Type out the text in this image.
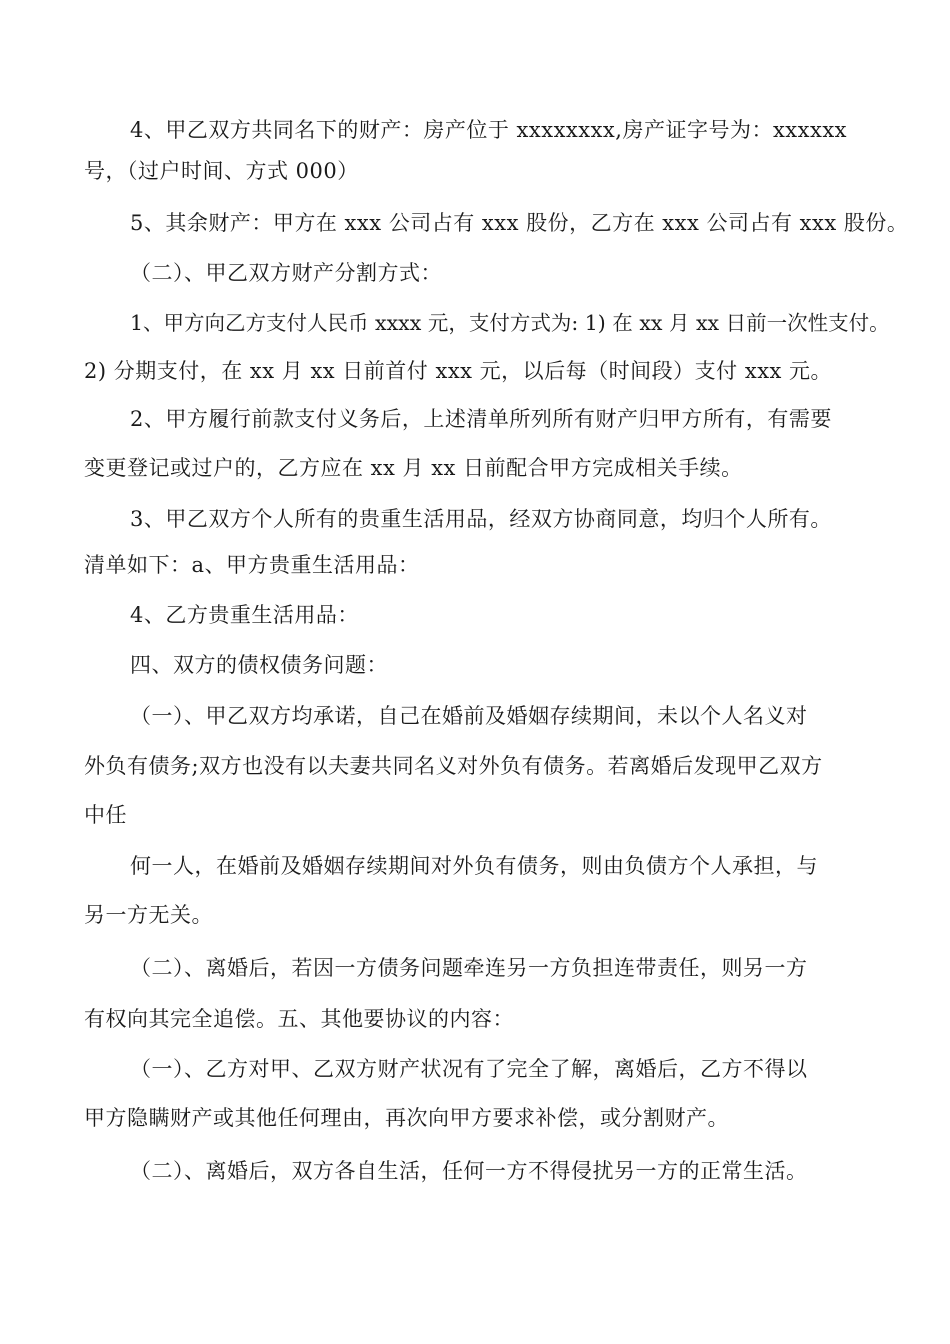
4、甲乙双方共同名下的财产：房产位于 xxxxxxxx,房产证字号为：xxxxxx
号，（过户时间、方式 000）
5、其余财产：甲方在 xxx 公司占有 xxx 股份，乙方在 xxx 公司占有 xxx 股份。
（二）、甲乙双方财产分割方式：
1、甲方向乙方支付人民币 xxxx 元，支付方式为: 1) 在 xx 月 xx 日前一次性支付。
2) 分期支付，在 xx 月 xx 日前首付 xxx 元，以后每（时间段）支付 xxx 元。
2、甲方履行前款支付义务后，上述清单所列所有财产归甲方所有，有需要
变更登记或过户的，乙方应在 xx 月 xx 日前配合甲方完成相关手续。
3、甲乙双方个人所有的贵重生活用品，经双方协商同意，均归个人所有。
清单如下：a、甲方贵重生活用品：
4、乙方贵重生活用品：
四、双方的债权债务问题：
（一）、甲乙双方均承诺，自己在婚前及婚姻存续期间，未以个人名义对
外负有债务;双方也没有以夫妻共同名义对外负有债务。若离婚后发现甲乙双方
中任
何一人，在婚前及婚姻存续期间对外负有债务，则由负债方个人承担，与
另一方无关。
（二）、离婚后，若因一方债务问题牵连另一方负担连带责任，则另一方
有权向其完全追偿。五、其他要协议的内容：
（一）、乙方对甲、乙双方财产状况有了完全了解，离婚后，乙方不得以
甲方隐瞒财产或其他任何理由，再次向甲方要求补偿，或分割财产。
（二）、离婚后，双方各自生活，任何一方不得侵扰另一方的正常生活。
